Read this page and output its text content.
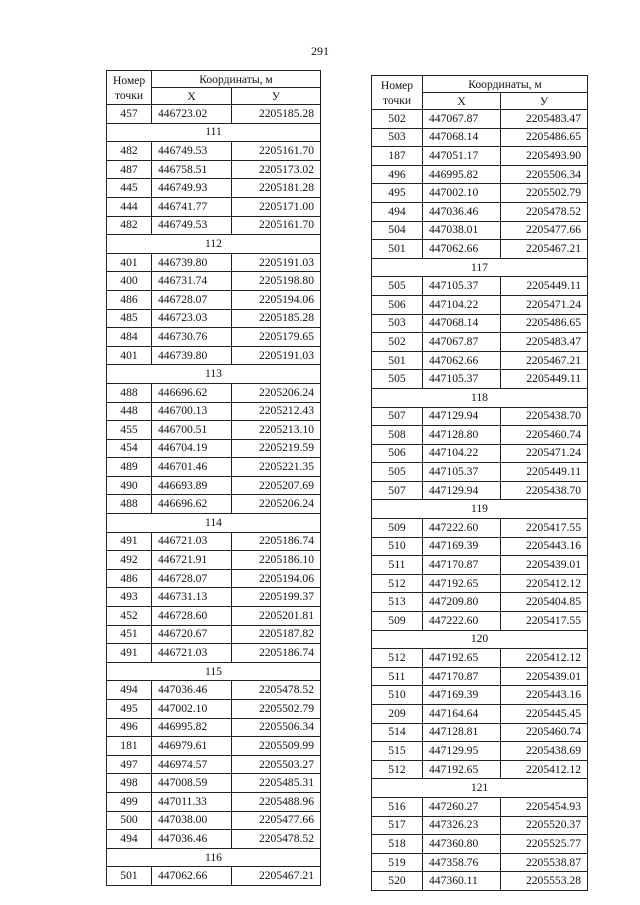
291
Номер
точки	Координаты, м	
	X	У
457	446723.02	2205185.28
111		
482	446749.53	2205161.70
487	446758.51	2205173.02
445	446749.93	2205181.28
444	446741.77	2205171.00
482	446749.53	2205161.70
112		
401	446739.80	2205191.03
400	446731.74	2205198.80
486	446728.07	2205194.06
485	446723.03	2205185.28
484	446730.76	2205179.65
401	446739.80	2205191.03
113		
488	446696.62	2205206.24
448	446700.13	2205212.43
455	446700.51	2205213.10
454	446704.19	2205219.59
489	446701.46	2205221.35
490	446693.89	2205207.69
488	446696.62	2205206.24
114		
491	446721.03	2205186.74
492	446721.91	2205186.10
486	446728.07	2205194.06
493	446731.13	2205199.37
452	446728.60	2205201.81
451	446720.67	2205187.82
491	446721.03	2205186.74
115		
494	447036.46	2205478.52
495	447002.10	2205502.79
496	446995.82	2205506.34
181	446979.61	2205509.99
497	446974.57	2205503.27
498	447008.59	2205485.31
499	447011.33	2205488.96
500	447038.00	2205477.66
494	447036.46	2205478.52
116		
501	447062.66	2205467.21
Номер
точки	Координаты, м	
	X	У
502	447067.87	2205483.47
503	447068.14	2205486.65
187	447051.17	2205493.90
496	446995.82	2205506.34
495	447002.10	2205502.79
494	447036.46	2205478.52
504	447038.01	2205477.66
501	447062.66	2205467.21
117		
505	447105.37	2205449.11
506	447104.22	2205471.24
503	447068.14	2205486.65
502	447067.87	2205483.47
501	447062.66	2205467.21
505	447105.37	2205449.11
118		
507	447129.94	2205438.70
508	447128.80	2205460.74
506	447104.22	2205471.24
505	447105.37	2205449.11
507	447129.94	2205438.70
119		
509	447222.60	2205417.55
510	447169.39	2205443.16
511	447170.87	2205439.01
512	447192.65	2205412.12
513	447209.80	2205404.85
509	447222.60	2205417.55
120		
512	447192.65	2205412.12
511	447170.87	2205439.01
510	447169.39	2205443.16
209	447164.64	2205445.45
514	447128.81	2205460.74
515	447129.95	2205438.69
512	447192.65	2205412.12
121		
516	447260.27	2205454.93
517	447326.23	2205520.37
518	447360.80	2205525.77
519	447358.76	2205538.87
520	447360.11	2205553.28
